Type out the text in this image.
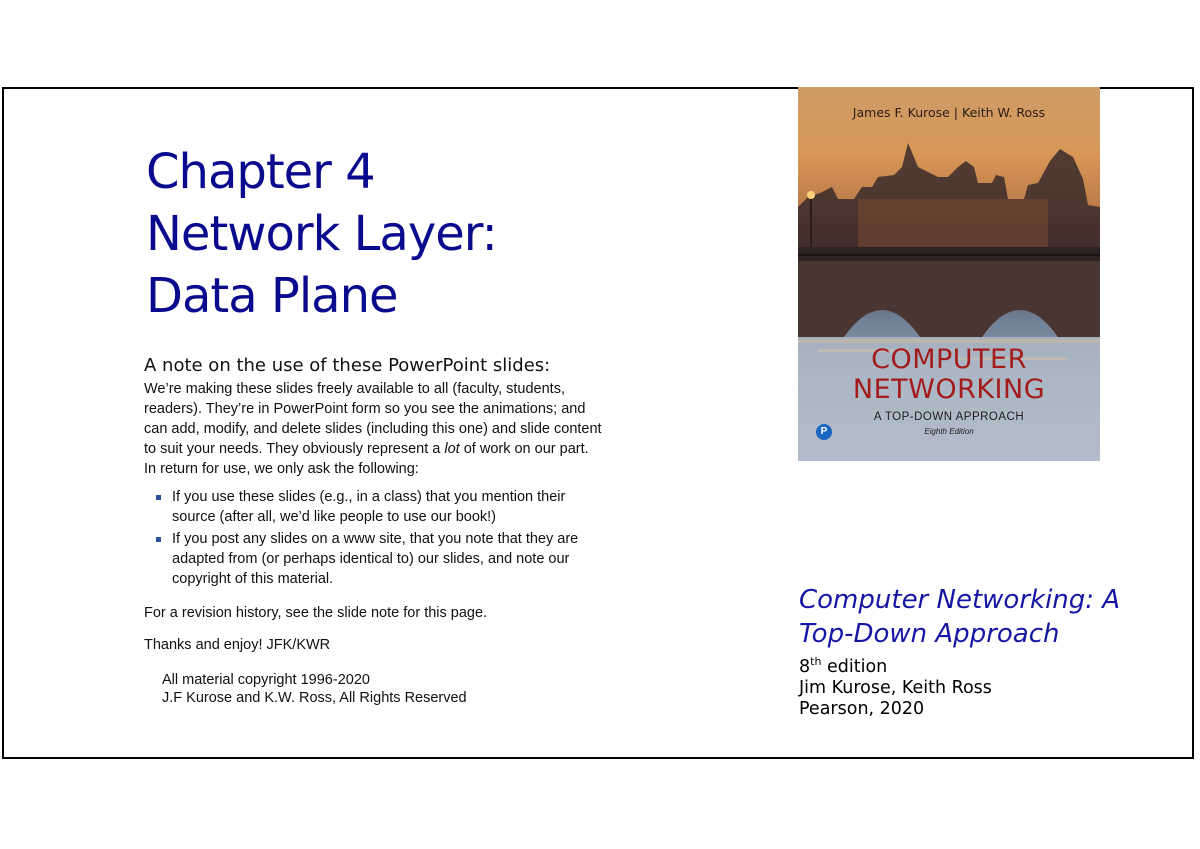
Chapter 4
Network Layer:
Data Plane

A note on the use of these PowerPoint slides:

We’re making these slides freely available to all (faculty, students,
readers). They’re in PowerPoint form so you see the animations; and
can add, modify, and delete slides (including this one) and slide content
to suit your needs. They obviously represent a lot of work on our part.
In return for use, we only ask the following:

If you use these slides (e.g., in a class) that you mention their
source (after all, we’d like people to use our book!)
If you post any slides on a www site, that you note that they are
adapted from (or perhaps identical to) our slides, and note our
copyright of this material.
For a revision history, see the slide note for this page.
Thanks and enjoy! JFK/KWR
All material copyright 1996-2020
J.F Kurose and K.W. Ross, All Rights Reserved
Computer Networking: A
Top-Down Approach
8th edition
Jim Kurose, Keith Ross
Pearson, 2020
James F. Kurose | Keith W. Ross
COMPUTER
NETWORKING
A TOP-DOWN APPROACH
Eighth Edition
P
